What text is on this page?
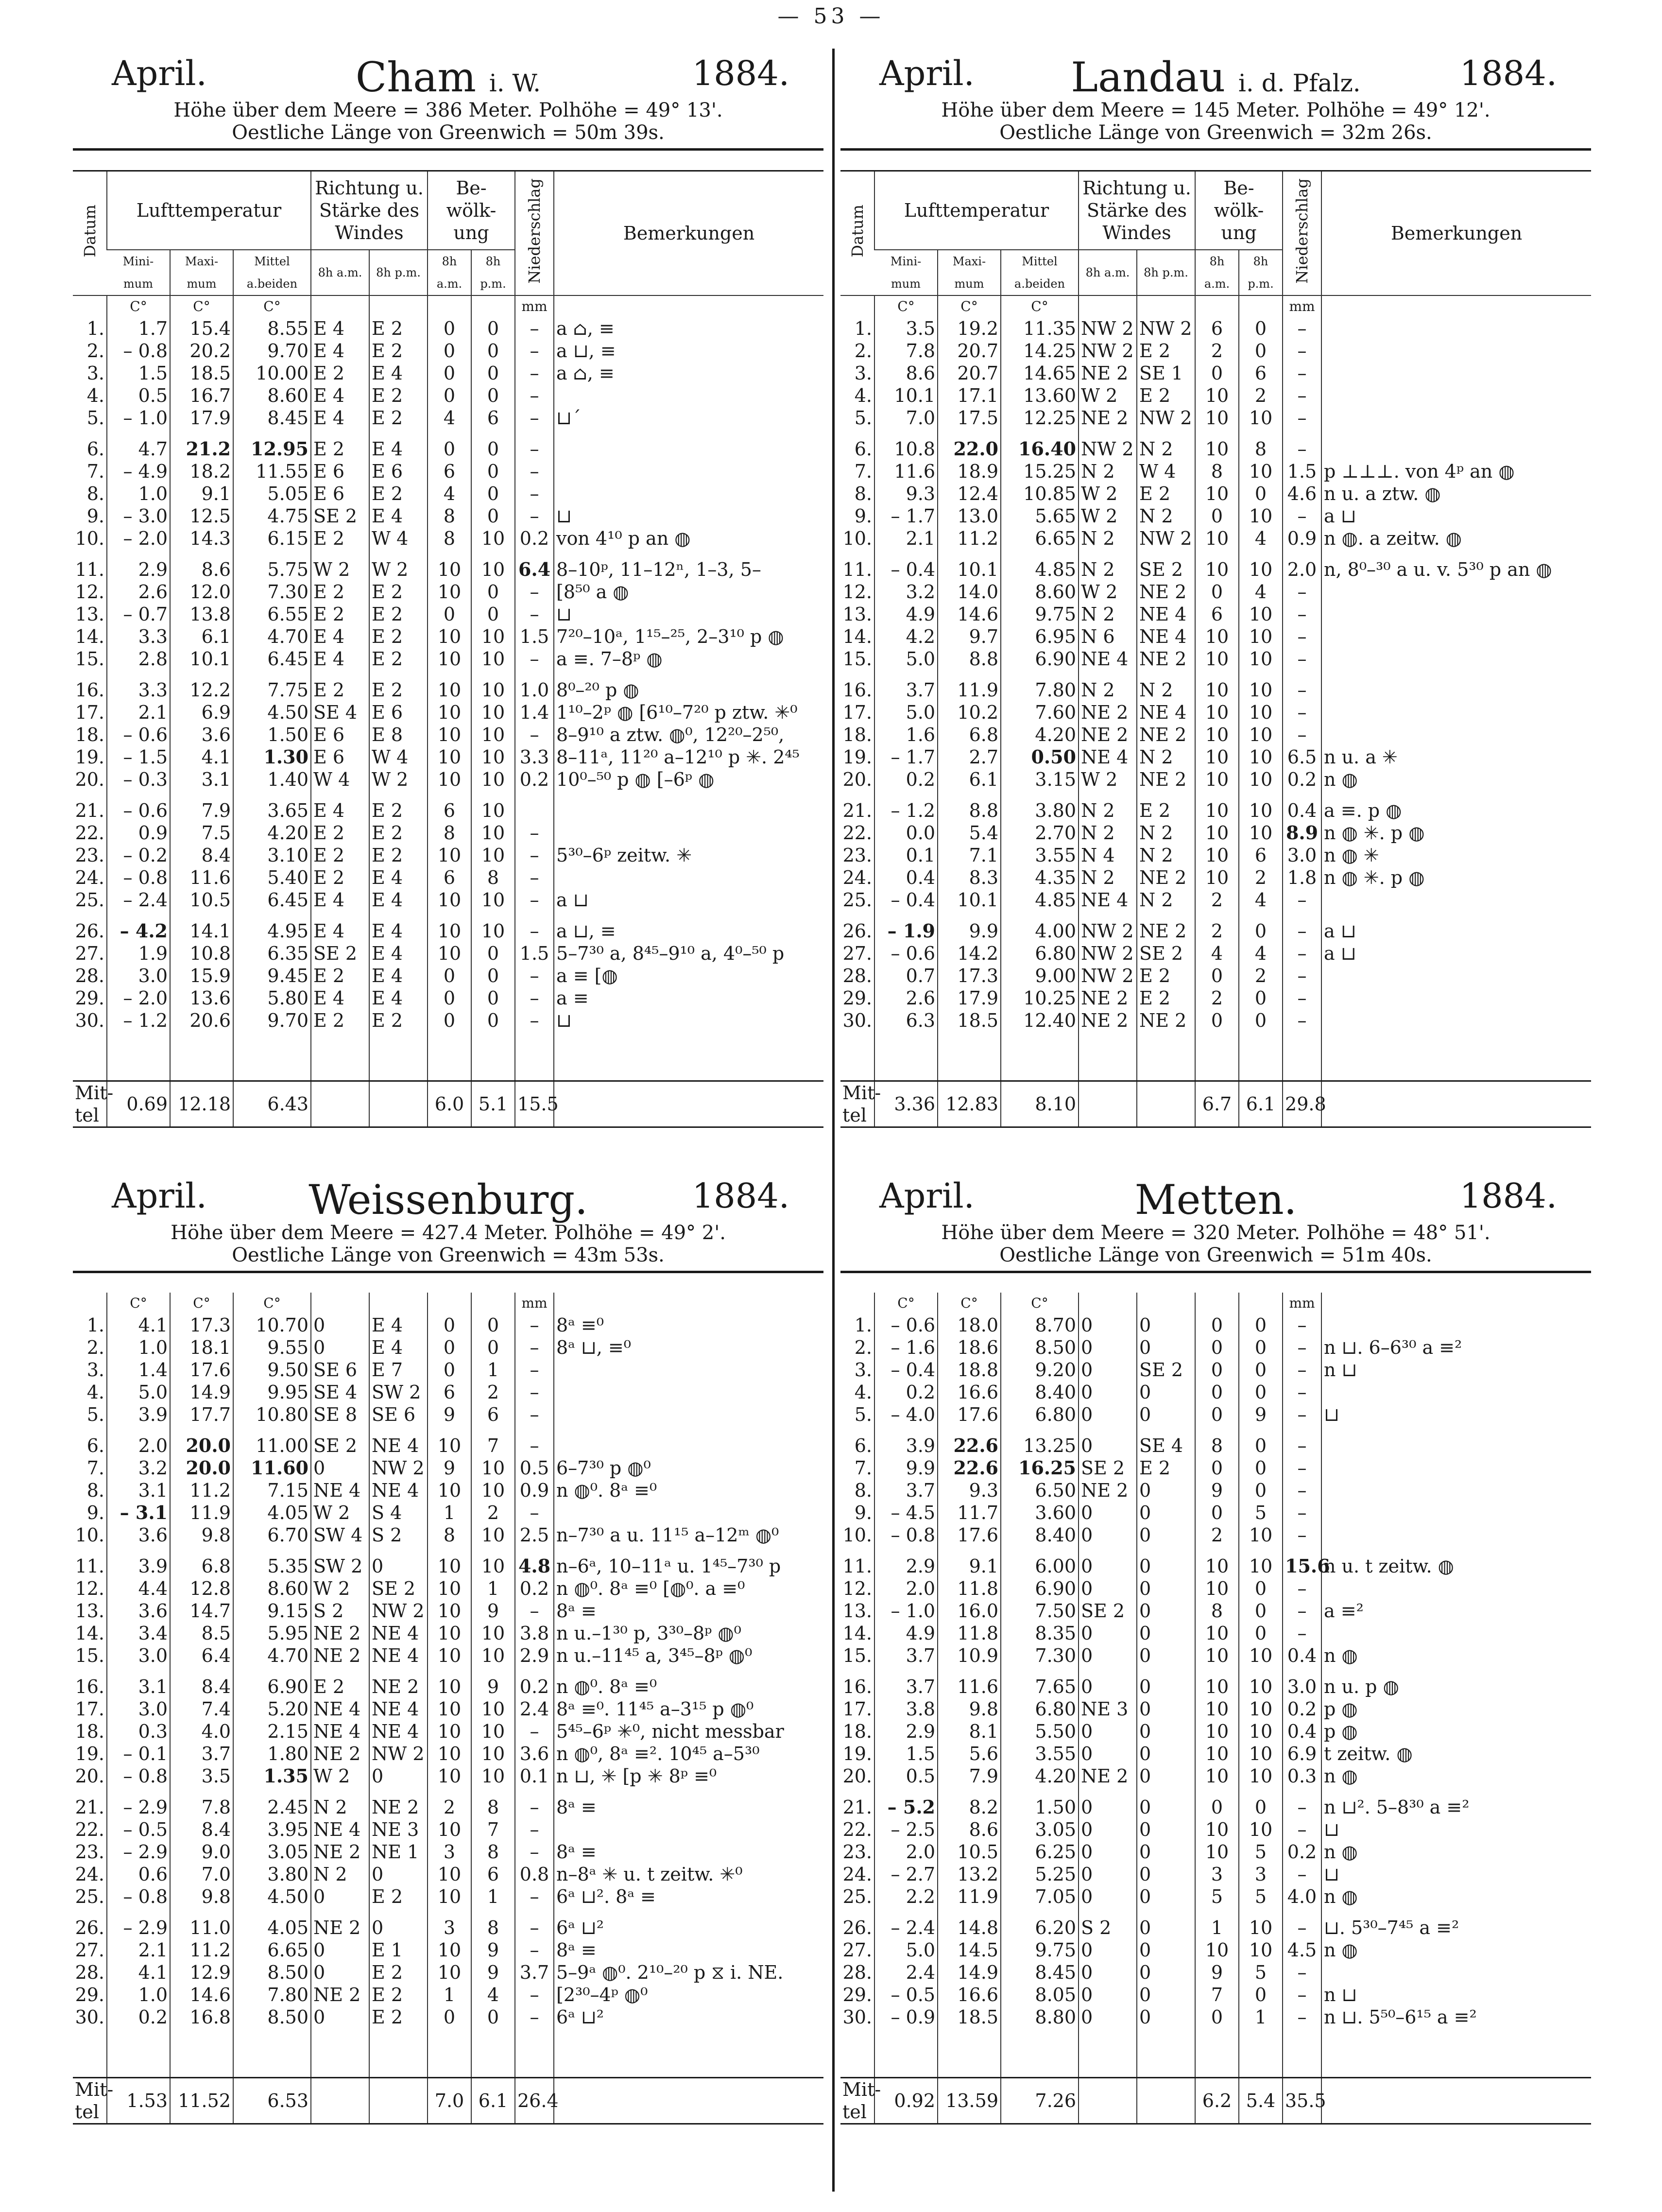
— 53 —
April.	Cham i. W.	1884.
Höhe über dem Meere = 386 Meter. Polhöhe = 49° 13'.
Oestliche Länge von Greenwich = 50m 39s.
Datum	Lufttemperatur			Richtung u. Stärke des Windes		Be- wölk- ung		Niederschlag	Bemerkungen
	Mini- mum	Maxi- mum	Mittel a.beiden	8h a.m.	8h p.m.	8h a.m.	8h p.m.		
	C°	C°	C°					mm	
1.	1.7	15.4	8.55	E 4	E 2	0	0	–	a ⌂, ≡
2.	– 0.8	20.2	9.70	E 4	E 2	0	0	–	a ⊔, ≡
3.	1.5	18.5	10.00	E 2	E 4	0	0	–	a ⌂, ≡
4.	0.5	16.7	8.60	E 4	E 2	0	0	–	
5.	– 1.0	17.9	8.45	E 4	E 2	4	6	–	⊔´

6.	4.7	21.2	12.95	E 2	E 4	0	0	–	
7.	– 4.9	18.2	11.55	E 6	E 6	6	0	–	
8.	1.0	9.1	5.05	E 6	E 2	4	0	–	
9.	– 3.0	12.5	4.75	SE 2	E 4	8	0	–	⊔
10.	– 2.0	14.3	6.15	E 2	W 4	8	10	0.2	von 4¹⁰ p an ◍

11.	2.9	8.6	5.75	W 2	W 2	10	10	6.4	8–10ᵖ, 11–12ⁿ, 1–3, 5–
12.	2.6	12.0	7.30	E 2	E 2	10	0	–	[8⁵⁰ a ◍
13.	– 0.7	13.8	6.55	E 2	E 2	0	0	–	⊔
14.	3.3	6.1	4.70	E 4	E 2	10	10	1.5	7²⁰–10ᵃ, 1¹⁵–²⁵, 2–3¹⁰ p ◍
15.	2.8	10.1	6.45	E 4	E 2	10	10	–	a ≡. 7–8ᵖ ◍

16.	3.3	12.2	7.75	E 2	E 2	10	10	1.0	8⁰–²⁰ p ◍
17.	2.1	6.9	4.50	SE 4	E 6	10	10	1.4	1¹⁰–2ᵖ ◍ [6¹⁰–7²⁰ p ztw. ✳⁰
18.	– 0.6	3.6	1.50	E 6	E 8	10	10	–	8–9¹⁰ a ztw. ◍⁰, 12²⁰–2⁵⁰,
19.	– 1.5	4.1	1.30	E 6	W 4	10	10	3.3	8–11ᵃ, 11²⁰ a–12¹⁰ p ✳. 2⁴⁵
20.	– 0.3	3.1	1.40	W 4	W 2	10	10	0.2	10⁰–⁵⁰ p ◍ [–6ᵖ ◍

21.	– 0.6	7.9	3.65	E 4	E 2	6	10		
22.	0.9	7.5	4.20	E 2	E 2	8	10	–	
23.	– 0.2	8.4	3.10	E 2	E 2	10	10	–	5³⁰–6ᵖ zeitw. ✳
24.	– 0.8	11.6	5.40	E 2	E 4	6	8	–	
25.	– 2.4	10.5	6.45	E 4	E 4	10	10	–	a ⊔

26.	– 4.2	14.1	4.95	E 4	E 4	10	10	–	a ⊔, ≡
27.	1.9	10.8	6.35	SE 2	E 4	10	0	1.5	5–7³⁰ a, 8⁴⁵–9¹⁰ a, 4⁰–⁵⁰ p
28.	3.0	15.9	9.45	E 2	E 4	0	0	–	a ≡ [◍
29.	– 2.0	13.6	5.80	E 4	E 4	0	0	–	a ≡
30.	– 1.2	20.6	9.70	E 2	E 2	0	0	–	⊔

Mit- tel	0.69	12.18	6.43			6.0	5.1	15.5	
April.	Landau i. d. Pfalz.	1884.
Höhe über dem Meere = 145 Meter. Polhöhe = 49° 12'.
Oestliche Länge von Greenwich = 32m 26s.
Datum	Lufttemperatur			Richtung u. Stärke des Windes		Be- wölk- ung		Niederschlag	Bemerkungen
	Mini- mum	Maxi- mum	Mittel a.beiden	8h a.m.	8h p.m.	8h a.m.	8h p.m.		
	C°	C°	C°					mm	
1.	3.5	19.2	11.35	NW 2	NW 2	6	0	–	
2.	7.8	20.7	14.25	NW 2	E 2	2	0	–	
3.	8.6	20.7	14.65	NE 2	SE 1	0	6	–	
4.	10.1	17.1	13.60	W 2	E 2	10	2	–	
5.	7.0	17.5	12.25	NE 2	NW 2	10	10	–	

6.	10.8	22.0	16.40	NW 2	N 2	10	8	–	
7.	11.6	18.9	15.25	N 2	W 4	8	10	1.5	p ⊥⊥⊥. von 4ᵖ an ◍
8.	9.3	12.4	10.85	W 2	E 2	10	0	4.6	n u. a ztw. ◍
9.	– 1.7	13.0	5.65	W 2	N 2	0	10	–	a ⊔
10.	2.1	11.2	6.65	N 2	NW 2	10	4	0.9	n ◍. a zeitw. ◍

11.	– 0.4	10.1	4.85	N 2	SE 2	10	10	2.0	n, 8⁰–³⁰ a u. v. 5³⁰ p an ◍
12.	3.2	14.0	8.60	W 2	NE 2	0	4	–	
13.	4.9	14.6	9.75	N 2	NE 4	6	10	–	
14.	4.2	9.7	6.95	N 6	NE 4	10	10	–	
15.	5.0	8.8	6.90	NE 4	NE 2	10	10	–	

16.	3.7	11.9	7.80	N 2	N 2	10	10	–	
17.	5.0	10.2	7.60	NE 2	NE 4	10	10	–	
18.	1.6	6.8	4.20	NE 2	NE 2	10	10	–	
19.	– 1.7	2.7	0.50	NE 4	N 2	10	10	6.5	n u. a ✳
20.	0.2	6.1	3.15	W 2	NE 2	10	10	0.2	n ◍

21.	– 1.2	8.8	3.80	N 2	E 2	10	10	0.4	a ≡. p ◍
22.	0.0	5.4	2.70	N 2	N 2	10	10	8.9	n ◍ ✳. p ◍
23.	0.1	7.1	3.55	N 4	N 2	10	6	3.0	n ◍ ✳
24.	0.4	8.3	4.35	N 2	NE 2	10	2	1.8	n ◍ ✳. p ◍
25.	– 0.4	10.1	4.85	NE 4	N 2	2	4	–	

26.	– 1.9	9.9	4.00	NW 2	NE 2	2	0	–	a ⊔
27.	– 0.6	14.2	6.80	NW 2	SE 2	4	4	–	a ⊔
28.	0.7	17.3	9.00	NW 2	E 2	0	2	–	
29.	2.6	17.9	10.25	NE 2	E 2	2	0	–	
30.	6.3	18.5	12.40	NE 2	NE 2	0	0	–	

Mit- tel	3.36	12.83	8.10			6.7	6.1	29.8	
April.	Weissenburg.	1884.
Höhe über dem Meere = 427.4 Meter. Polhöhe = 49° 2'.
Oestliche Länge von Greenwich = 43m 53s.
	C°	C°	C°					mm	
1.	4.1	17.3	10.70	0	E 4	0	0	–	8ᵃ ≡⁰
2.	1.0	18.1	9.55	0	E 4	0	0	–	8ᵃ ⊔, ≡⁰
3.	1.4	17.6	9.50	SE 6	E 7	0	1	–	
4.	5.0	14.9	9.95	SE 4	SW 2	6	2	–	
5.	3.9	17.7	10.80	SE 8	SE 6	9	6	–	

6.	2.0	20.0	11.00	SE 2	NE 4	10	7	–	
7.	3.2	20.0	11.60	0	NW 2	9	10	0.5	6–7³⁰ p ◍⁰
8.	3.1	11.2	7.15	NE 4	NE 4	10	10	0.9	n ◍⁰. 8ᵃ ≡⁰
9.	– 3.1	11.9	4.05	W 2	S 4	1	2	–	
10.	3.6	9.8	6.70	SW 4	S 2	8	10	2.5	n–7³⁰ a u. 11¹⁵ a–12ᵐ ◍⁰

11.	3.9	6.8	5.35	SW 2	0	10	10	4.8	n–6ᵃ, 10–11ᵃ u. 1⁴⁵–7³⁰ p
12.	4.4	12.8	8.60	W 2	SE 2	10	1	0.2	n ◍⁰. 8ᵃ ≡⁰ [◍⁰. a ≡⁰
13.	3.6	14.7	9.15	S 2	NW 2	10	9	–	8ᵃ ≡
14.	3.4	8.5	5.95	NE 2	NE 4	10	10	3.8	n u.–1³⁰ p, 3³⁰–8ᵖ ◍⁰
15.	3.0	6.4	4.70	NE 2	NE 4	10	10	2.9	n u.–11⁴⁵ a, 3⁴⁵–8ᵖ ◍⁰

16.	3.1	8.4	6.90	E 2	NE 2	10	9	0.2	n ◍⁰. 8ᵃ ≡⁰
17.	3.0	7.4	5.20	NE 4	NE 4	10	10	2.4	8ᵃ ≡⁰. 11⁴⁵ a–3¹⁵ p ◍⁰
18.	0.3	4.0	2.15	NE 4	NE 4	10	10	–	5⁴⁵–6ᵖ ✳⁰, nicht messbar
19.	– 0.1	3.7	1.80	NE 2	NW 2	10	10	3.6	n ◍⁰, 8ᵃ ≡². 10⁴⁵ a–5³⁰
20.	– 0.8	3.5	1.35	W 2	0	10	10	0.1	n ⊔, ✳ [p ✳ 8ᵖ ≡⁰

21.	– 2.9	7.8	2.45	N 2	NE 2	2	8	–	8ᵃ ≡
22.	– 0.5	8.4	3.95	NE 4	NE 3	10	7	–	
23.	– 2.9	9.0	3.05	NE 2	NE 1	3	8	–	8ᵃ ≡
24.	0.6	7.0	3.80	N 2	0	10	6	0.8	n–8ᵃ ✳ u. t zeitw. ✳⁰
25.	– 0.8	9.8	4.50	0	E 2	10	1	–	6ᵃ ⊔². 8ᵃ ≡

26.	– 2.9	11.0	4.05	NE 2	0	3	8	–	6ᵃ ⊔²
27.	2.1	11.2	6.65	0	E 1	10	9	–	8ᵃ ≡
28.	4.1	12.9	8.50	0	E 2	10	9	3.7	5–9ᵃ ◍⁰. 2¹⁰–²⁰ p ⧖ i. NE.
29.	1.0	14.6	7.80	NE 2	E 2	1	4	–	[2³⁰–4ᵖ ◍⁰
30.	0.2	16.8	8.50	0	E 2	0	0	–	6ᵃ ⊔²

Mit- tel	1.53	11.52	6.53			7.0	6.1	26.4	
April.	Metten.	1884.
Höhe über dem Meere = 320 Meter. Polhöhe = 48° 51'.
Oestliche Länge von Greenwich = 51m 40s.
	C°	C°	C°					mm	
1.	– 0.6	18.0	8.70	0	0	0	0	–	
2.	– 1.6	18.6	8.50	0	0	0	0	–	n ⊔. 6–6³⁰ a ≡²
3.	– 0.4	18.8	9.20	0	SE 2	0	0	–	n ⊔
4.	0.2	16.6	8.40	0	0	0	0	–	
5.	– 4.0	17.6	6.80	0	0	0	9	–	⊔

6.	3.9	22.6	13.25	0	SE 4	8	0	–	
7.	9.9	22.6	16.25	SE 2	E 2	0	0	–	
8.	3.7	9.3	6.50	NE 2	0	9	0	–	
9.	– 4.5	11.7	3.60	0	0	0	5	–	
10.	– 0.8	17.6	8.40	0	0	2	10	–	

11.	2.9	9.1	6.00	0	0	10	10	15.6	n u. t zeitw. ◍
12.	2.0	11.8	6.90	0	0	10	0	–	
13.	– 1.0	16.0	7.50	SE 2	0	8	0	–	a ≡²
14.	4.9	11.8	8.35	0	0	10	0	–	
15.	3.7	10.9	7.30	0	0	10	10	0.4	n ◍

16.	3.7	11.6	7.65	0	0	10	10	3.0	n u. p ◍
17.	3.8	9.8	6.80	NE 3	0	10	10	0.2	p ◍
18.	2.9	8.1	5.50	0	0	10	10	0.4	p ◍
19.	1.5	5.6	3.55	0	0	10	10	6.9	t zeitw. ◍
20.	0.5	7.9	4.20	NE 2	0	10	10	0.3	n ◍

21.	– 5.2	8.2	1.50	0	0	0	0	–	n ⊔². 5–8³⁰ a ≡²
22.	– 2.5	8.6	3.05	0	0	10	10	–	⊔
23.	2.0	10.5	6.25	0	0	10	5	0.2	n ◍
24.	– 2.7	13.2	5.25	0	0	3	3	–	⊔
25.	2.2	11.9	7.05	0	0	5	5	4.0	n ◍

26.	– 2.4	14.8	6.20	S 2	0	1	10	–	⊔. 5³⁰–7⁴⁵ a ≡²
27.	5.0	14.5	9.75	0	0	10	10	4.5	n ◍
28.	2.4	14.9	8.45	0	0	9	5	–	
29.	– 0.5	16.6	8.05	0	0	7	0	–	n ⊔
30.	– 0.9	18.5	8.80	0	0	0	1	–	n ⊔. 5⁵⁰–6¹⁵ a ≡²

Mit- tel	0.92	13.59	7.26			6.2	5.4	35.5	
